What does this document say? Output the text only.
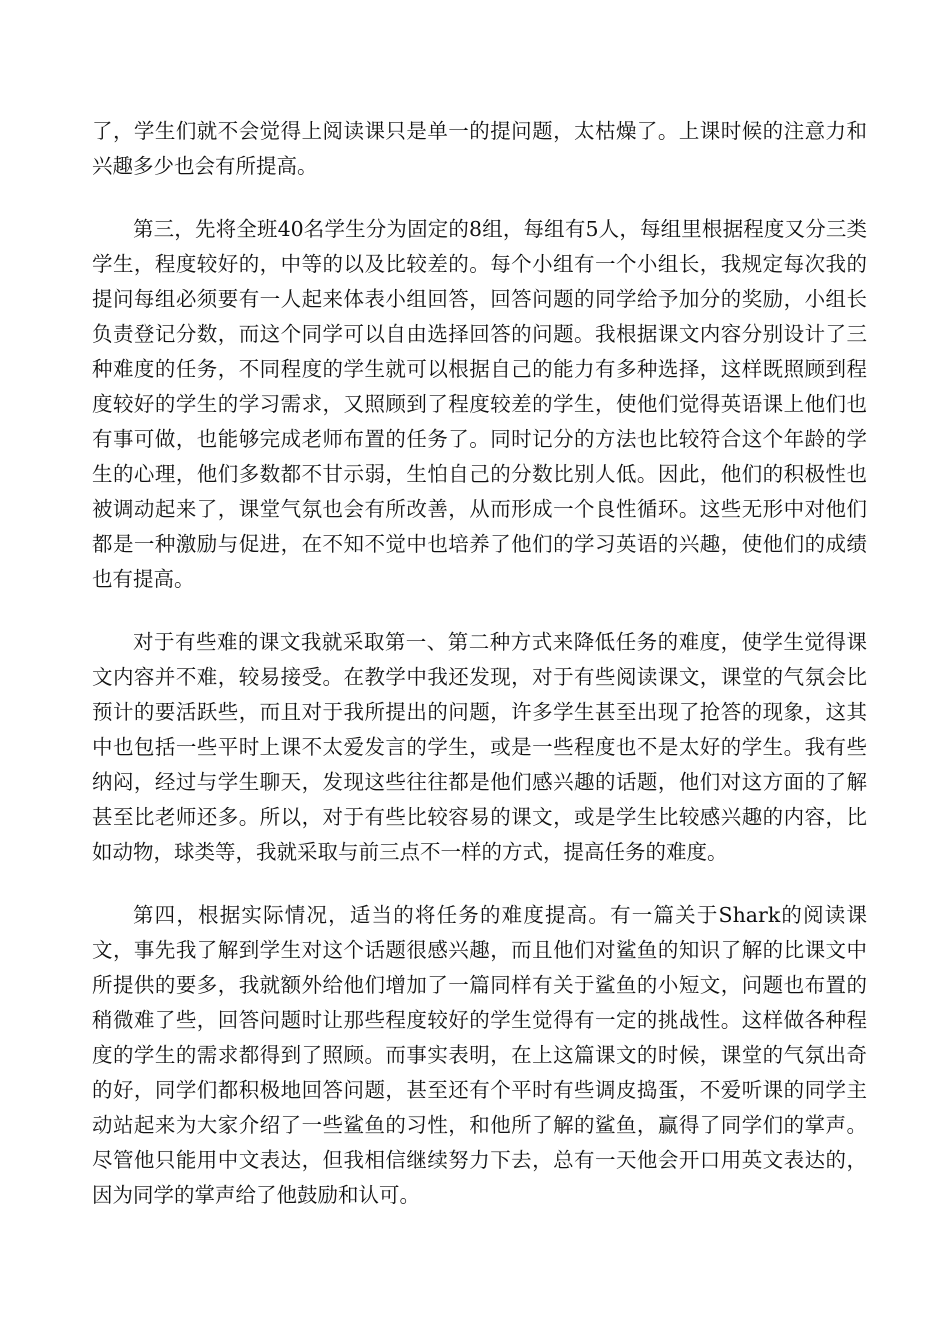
了，学生们就不会觉得上阅读课只是单一的提问题，太枯燥了。上课时候的注意力和兴趣多少也会有所提高。

第三，先将全班40名学生分为固定的8组，每组有5人，每组里根据程度又分三类学生，程度较好的，中等的以及比较差的。每个小组有一个小组长，我规定每次我的提问每组必须要有一人起来体表小组回答，回答问题的同学给予加分的奖励，小组长负责登记分数，而这个同学可以自由选择回答的问题。我根据课文内容分别设计了三种难度的任务，不同程度的学生就可以根据自己的能力有多种选择，这样既照顾到程度较好的学生的学习需求，又照顾到了程度较差的学生，使他们觉得英语课上他们也有事可做，也能够完成老师布置的任务了。同时记分的方法也比较符合这个年龄的学生的心理，他们多数都不甘示弱，生怕自己的分数比别人低。因此，他们的积极性也被调动起来了，课堂气氛也会有所改善，从而形成一个良性循环。这些无形中对他们都是一种激励与促进，在不知不觉中也培养了他们的学习英语的兴趣，使他们的成绩也有提高。

对于有些难的课文我就采取第一、第二种方式来降低任务的难度，使学生觉得课文内容并不难，较易接受。在教学中我还发现，对于有些阅读课文，课堂的气氛会比预计的要活跃些，而且对于我所提出的问题，许多学生甚至出现了抢答的现象，这其中也包括一些平时上课不太爱发言的学生，或是一些程度也不是太好的学生。我有些纳闷，经过与学生聊天，发现这些往往都是他们感兴趣的话题，他们对这方面的了解甚至比老师还多。所以，对于有些比较容易的课文，或是学生比较感兴趣的内容，比如动物，球类等，我就采取与前三点不一样的方式，提高任务的难度。

第四，根据实际情况，适当的将任务的难度提高。有一篇关于Shark的阅读课文，事先我了解到学生对这个话题很感兴趣，而且他们对鲨鱼的知识了解的比课文中所提供的要多，我就额外给他们增加了一篇同样有关于鲨鱼的小短文，问题也布置的稍微难了些，回答问题时让那些程度较好的学生觉得有一定的挑战性。这样做各种程度的学生的需求都得到了照顾。而事实表明，在上这篇课文的时候，课堂的气氛出奇的好，同学们都积极地回答问题，甚至还有个平时有些调皮捣蛋，不爱听课的同学主动站起来为大家介绍了一些鲨鱼的习性，和他所了解的鲨鱼，赢得了同学们的掌声。尽管他只能用中文表达，但我相信继续努力下去，总有一天他会开口用英文表达的，因为同学的掌声给了他鼓励和认可。
